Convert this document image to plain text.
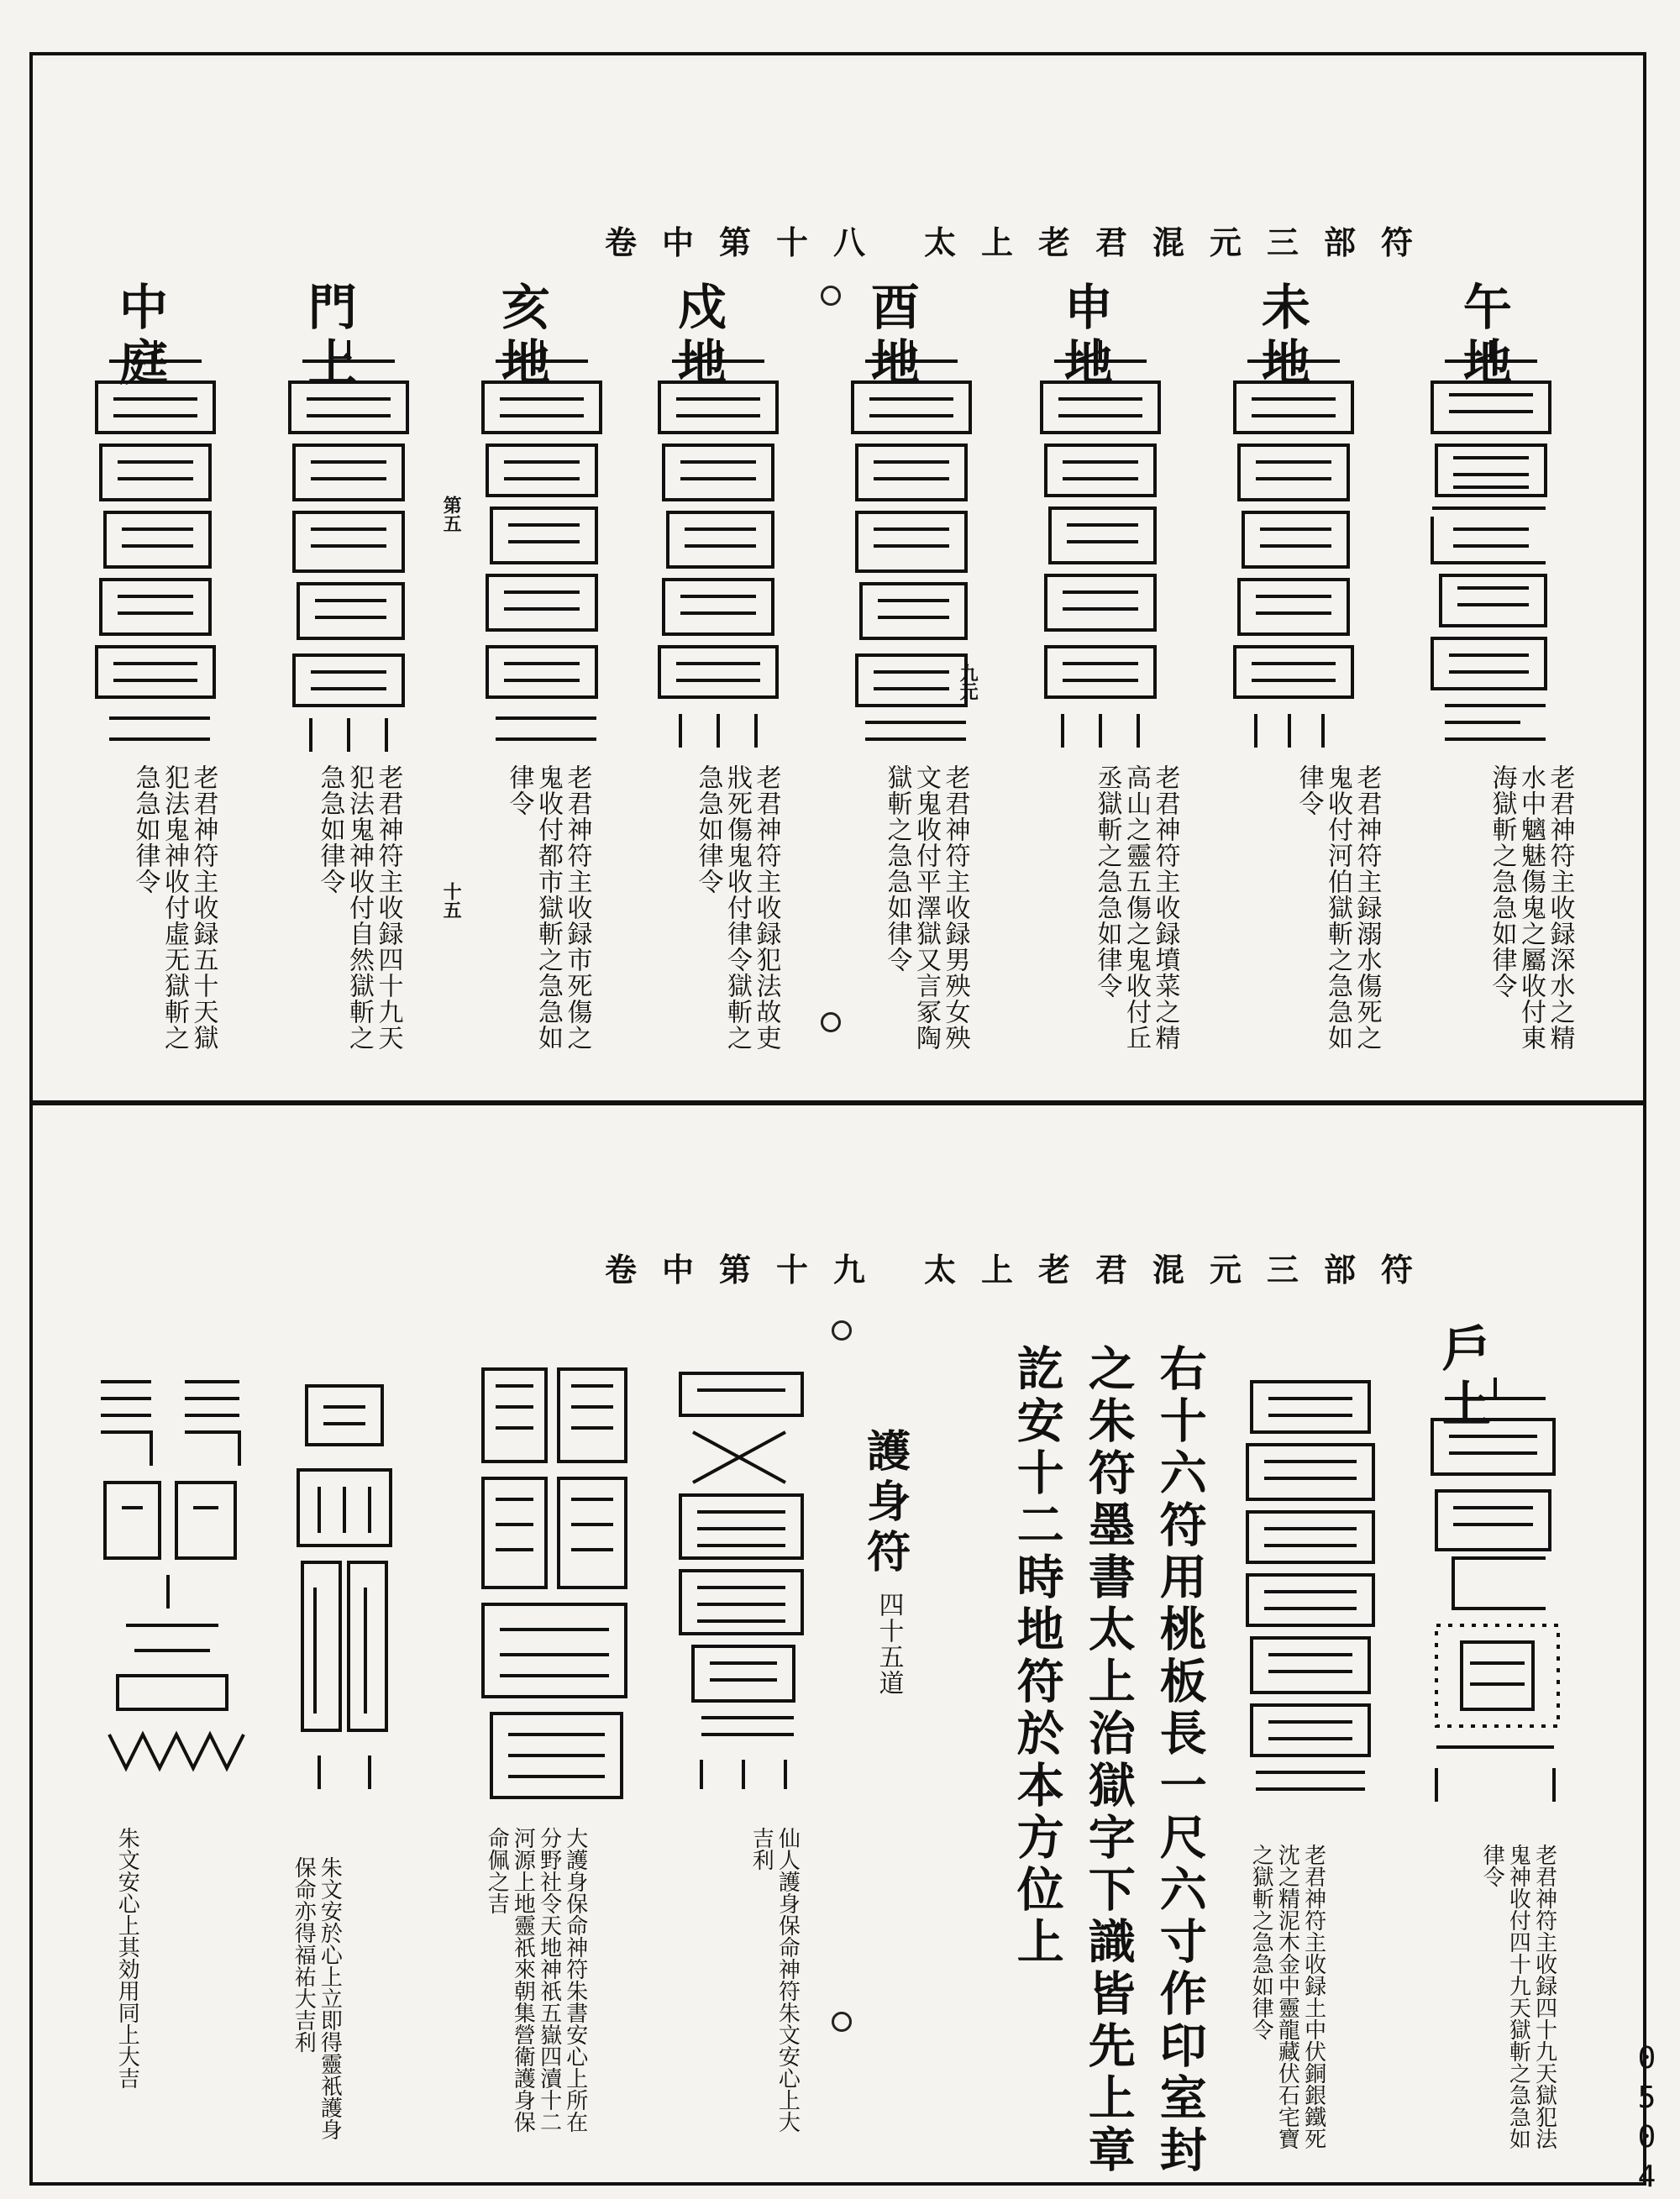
卷中第十八 太上老君混元三部符
午地
未地
申地
酉地
戍地
亥地
門上
中庭
老君神符主收録深水之精水中魑魅傷鬼之屬收付東海獄斬之急急如律令
老君神符主録溺水傷死之鬼收付河伯獄斬之急急如律令
老君神符主收録墳菜之精高山之靈五傷之鬼收付丘丞獄斬之急急如律令
老君神符主收録男殃女殃文鬼收付平澤獄又言冢陶獄斬之急急如律令
老君神符主收録犯法故吏戕死傷鬼收付律令獄斬之急急如律令
老君神符主收録市死傷之鬼收付都市獄斬之急急如律令
老君神符主收録四十九天犯法鬼神收付自然獄斬之急急如律令
老君神符主收録五十天獄犯法鬼神收付虛无獄斬之急急如律令
第五
十五
九元
卷中第十九 太上老君混元三部符
戶上
老君神符主收録四十九天獄犯法鬼神收付四十九天獄斬之急急如律令
老君神符主收録土中伏銅銀鐵死沈之精泥木金中靈龍藏伏石宅寶之獄斬之急急如律令
右十六符用桃板長一尺六寸作印室封
之朱符墨書太上治獄字下識皆先上章
訖安十二時地符於本方位上
護身符
四十五道
仙人護身保命神符朱文安心上大吉利
大護身保命神符朱書安心上所在分野社令天地神祇五嶽四瀆十二河源上地靈祇來朝集營衛護身保命佩之吉
朱文安於心上立即得靈衹護身保命亦得福祐大吉利
朱文安心上其効用同上大吉
0504
